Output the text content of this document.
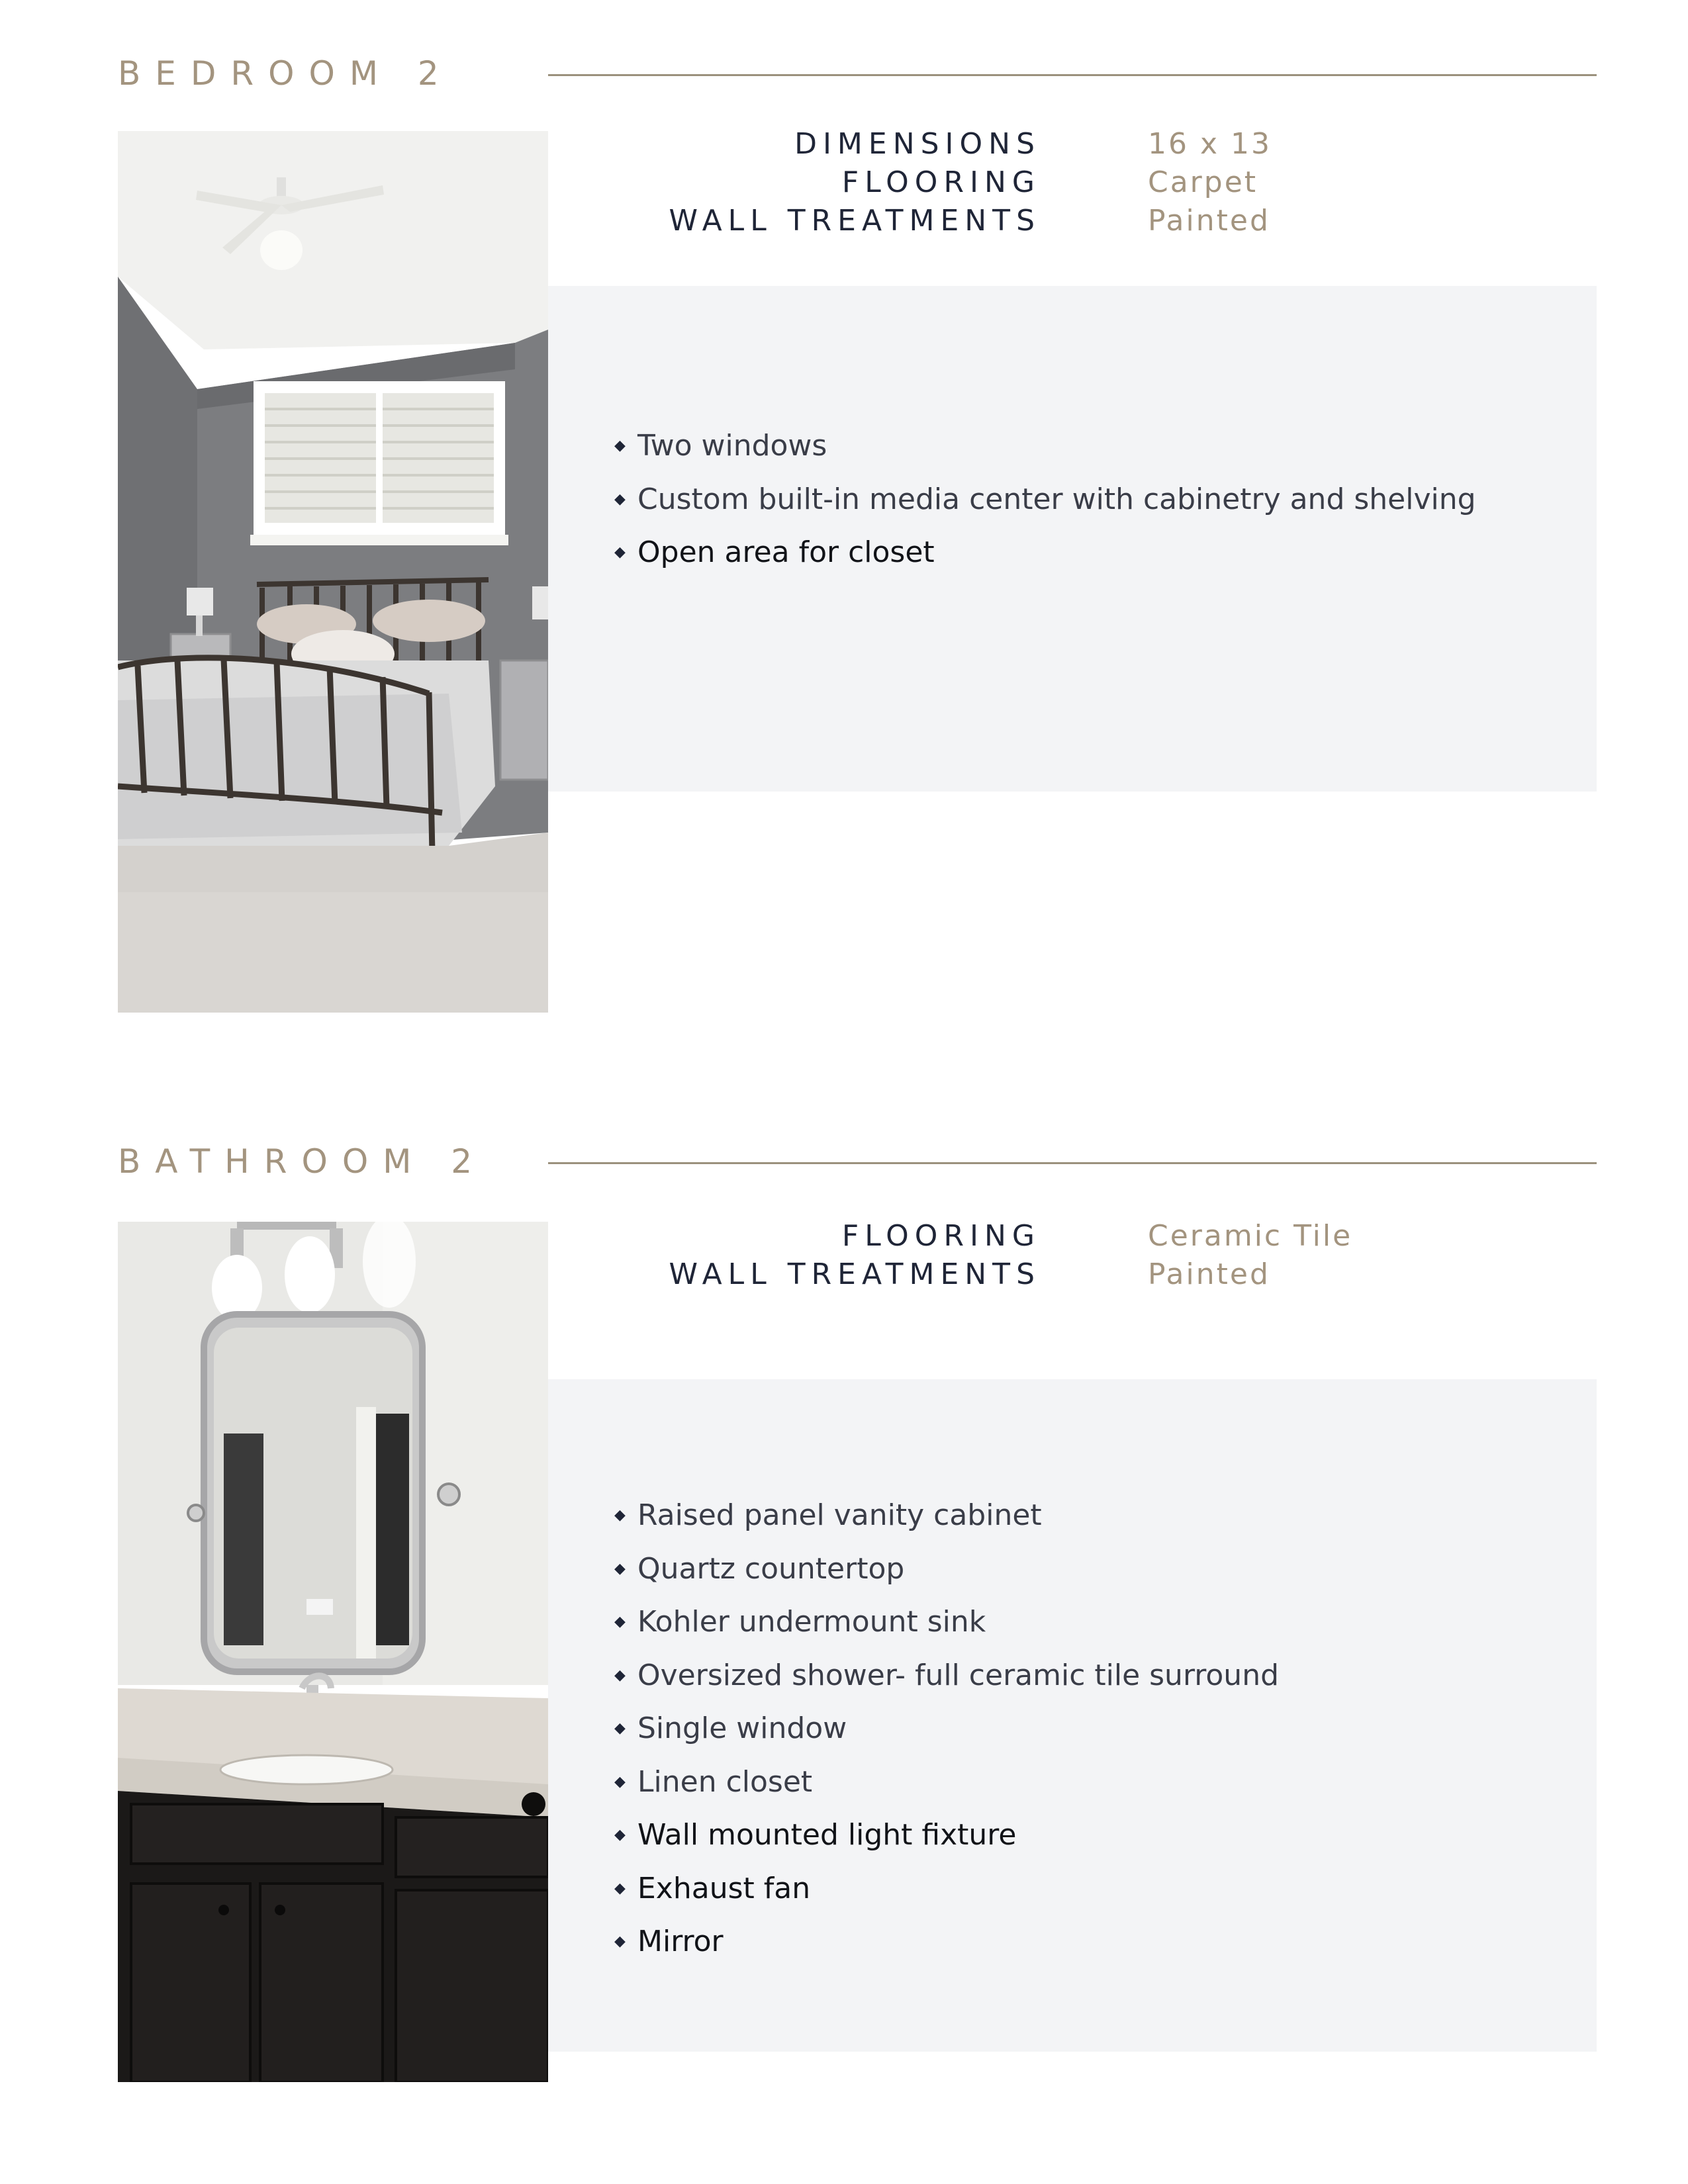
BEDROOM 2
DIMENSIONS	16 x 13
FLOORING	Carpet
WALL TREATMENTS	Painted
◆ Two windows
◆ Custom built-in media center with cabinetry and shelving
◆ Open area for closet
BATHROOM 2
FLOORING	Ceramic Tile
WALL TREATMENTS	Painted
◆ Raised panel vanity cabinet
◆ Quartz countertop
◆ Kohler undermount sink
◆ Oversized shower- full ceramic tile surround
◆ Single window
◆ Linen closet
◆ Wall mounted light fixture
◆ Exhaust fan
◆ Mirror
